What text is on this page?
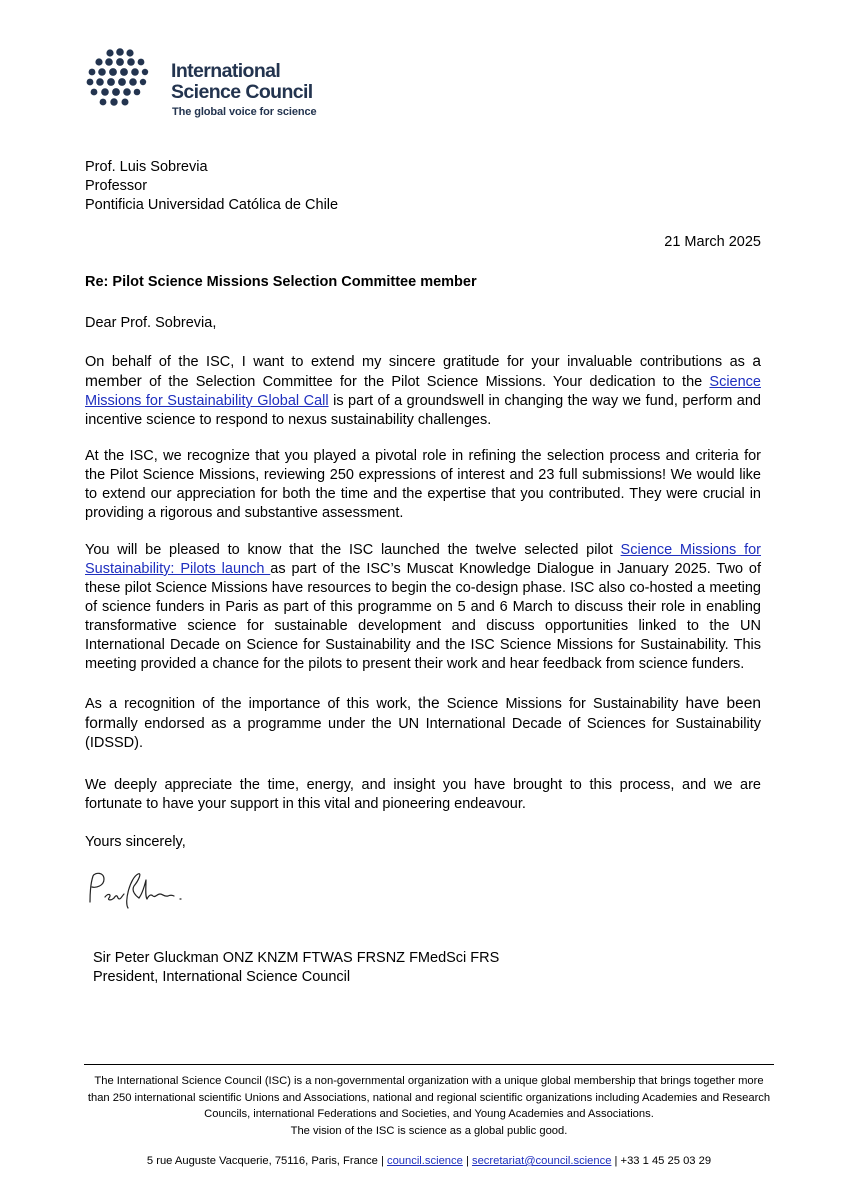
International
Science Council
The global voice for science
Prof. Luis Sobrevia
Professor
Pontificia Universidad Católica de Chile
21 March 2025
Re: Pilot Science Missions Selection Committee member
Dear Prof. Sobrevia,
On behalf of the ISC, I want to extend my sincere gratitude for your invaluable contributions as a member of the Selection Committee for the Pilot Science Missions. Your dedication to the Science Missions for Sustainability Global Call is part of a groundswell in changing the way we fund, perform and incentive science to respond to nexus sustainability challenges.
At the ISC, we recognize that you played a pivotal role in refining the selection process and criteria for the Pilot Science Missions, reviewing 250 expressions of interest and 23 full submissions! We would like to extend our appreciation for both the time and the expertise that you contributed. They were crucial in providing a rigorous and substantive assessment.
You will be pleased to know that the ISC launched the twelve selected pilot Science Missions for Sustainability: Pilots launch as part of the ISC’s Muscat Knowledge Dialogue in January 2025. Two of these pilot Science Missions have resources to begin the co-design phase. ISC also co-hosted a meeting of science funders in Paris as part of this programme on 5 and 6 March to discuss their role in enabling transformative science for sustainable development and discuss opportunities linked to the UN International Decade on Science for Sustainability and the ISC Science Missions for Sustainability. This meeting provided a chance for the pilots to present their work and hear feedback from science funders.
As a recognition of the importance of this work, the Science Missions for Sustainability have been formally endorsed as a programme under the UN International Decade of Sciences for Sustainability (IDSSD).
We deeply appreciate the time, energy, and insight you have brought to this process, and we are fortunate to have your support in this vital and pioneering endeavour.
Yours sincerely,
Sir Peter Gluckman ONZ KNZM FTWAS FRSNZ FMedSci FRS
President, International Science Council
The International Science Council (ISC) is a non-governmental organization with a unique global membership that brings together more than 250 international scientific Unions and Associations, national and regional scientific organizations including Academies and Research Councils, international Federations and Societies, and Young Academies and Associations.
The vision of the ISC is science as a global public good.
5 rue Auguste Vacquerie, 75116, Paris, France | council.science | secretariat@council.science | +33 1 45 25 03 29
